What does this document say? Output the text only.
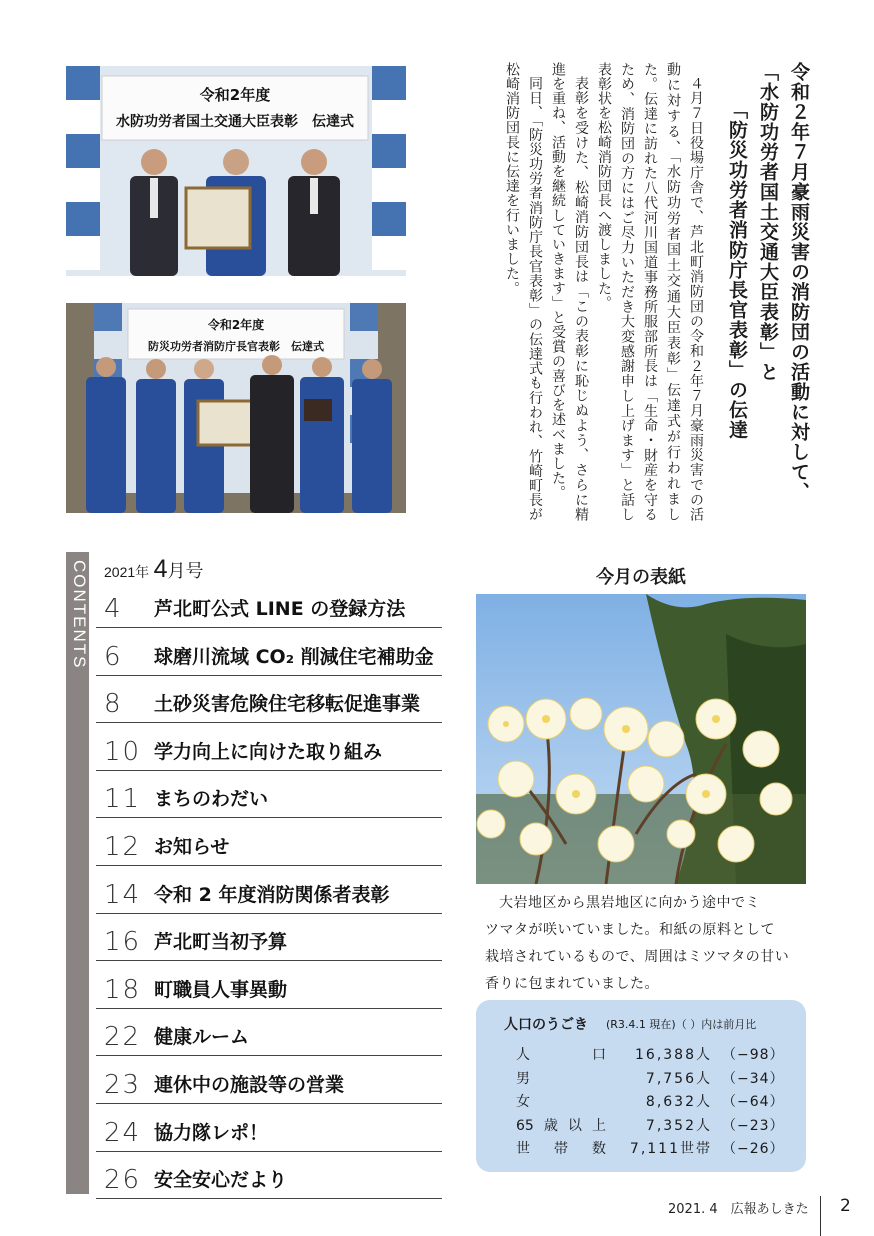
令和2年度
水防功労者国土交通大臣表彰　伝達式
令和2年度
防災功労者消防庁長官表彰　伝達式	令和２年７月豪雨災害の消防団の活動に対して、
「水防功労者国土交通大臣表彰」と
「防災功労者消防庁長官表彰」の伝達

４月７日役場庁舎で、芦北町消防団の令和２年７月豪雨災害での活動に対する、「水防功労者国土交通大臣表彰」伝達式が行われました。伝達に訪れた八代河川国道事務所服部所長は「生命・財産を守るため、消防団の方にはご尽力いただき大変感謝申し上げます」と話し表彰状を松崎消防団長へ渡しました。

表彰を受けた、松崎消防団長は「この表彰に恥じぬよう、さらに精進を重ね、活動を継続していきます」と受賞の喜びを述べました。

同日、「防災功労者消防庁長官表彰」の伝達式も行われ、竹崎町長が松崎消防団長に伝達を行いました。

CONTENTS 2021年 4月号
4	芦北町公式 LINE の登録方法
6	球磨川流域 CO₂ 削減住宅補助金
8	土砂災害危険住宅移転促進事業
10 学力向上に向けた取り組み
11 まちのわだい
12 お知らせ
14 令和 2 年度消防関係者表彰
16 芦北町当初予算
18 町職員人事異動
22 健康ルーム
23 連休中の施設等の営業
24 協力隊レポ！
26 安全安心だより
今月の表紙
大岩地区から黒岩地区に向かう途中でミ
ツマタが咲いていました。和紙の原料として
栽培されているもので、周囲はミツマタの甘い
香りに包まれていました。
人口のうごき (R3.4.1 現在)（ ）内は前月比
人　口	16,388人 （−98）
男	7,756人 （−34）
女	8,632人 （−64）
65歳以上	7,352人 （−23）
世帯数	7,111世帯 （−26）
2021. 4　広報あしきた 2
